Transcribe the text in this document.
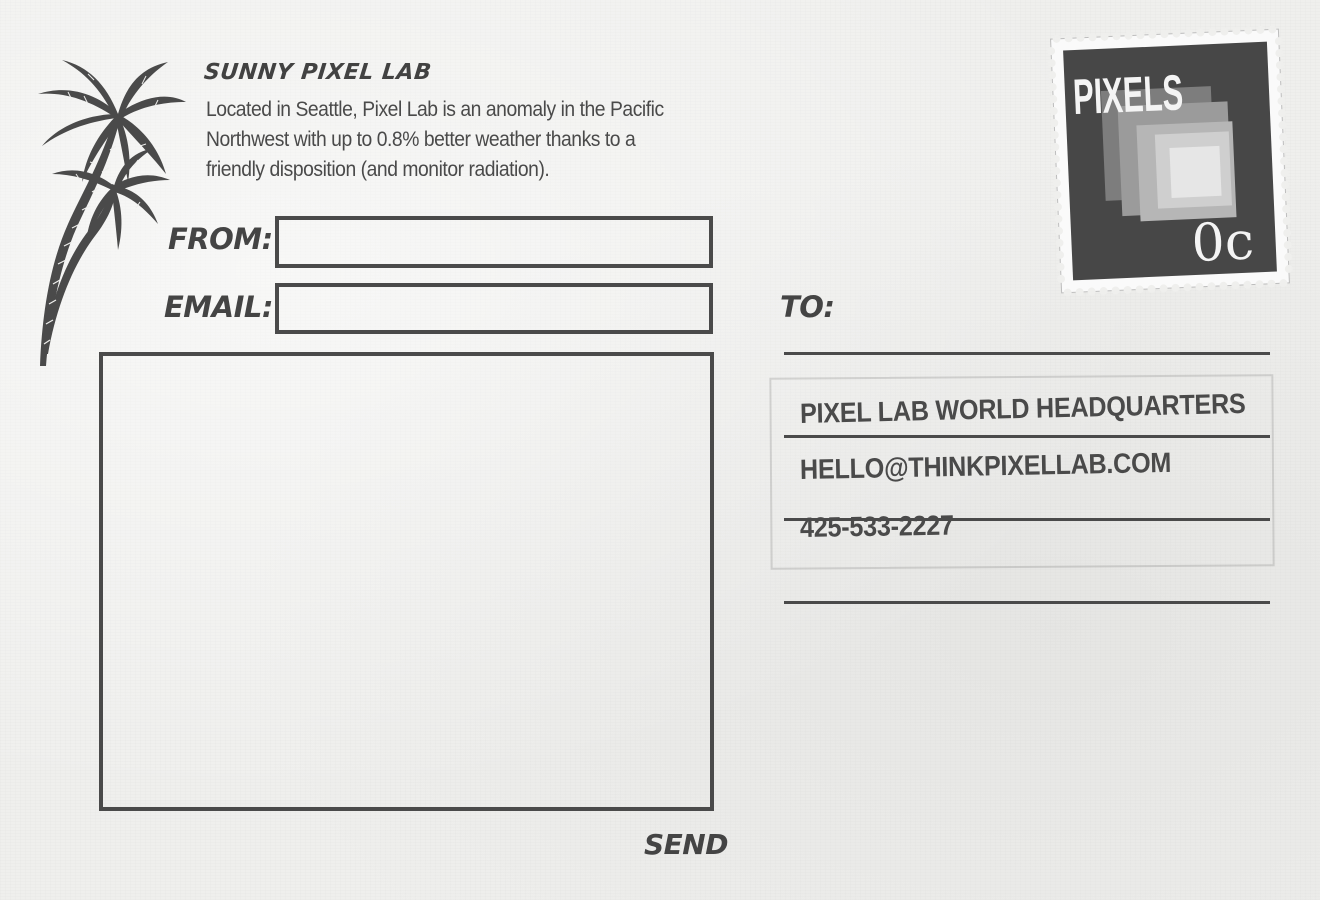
SUNNY PIXEL LAB
Located in Seattle, Pixel Lab is an anomaly in the Pacific Northwest with up to 0.8% better weather thanks to a friendly disposition (and monitor radiation).
FROM:
EMAIL:
SEND
TO:
PIXEL LAB WORLD HEADQUARTERS
HELLO@THINKPIXELLAB.COM
425-533-2227
PIXELS
0c
